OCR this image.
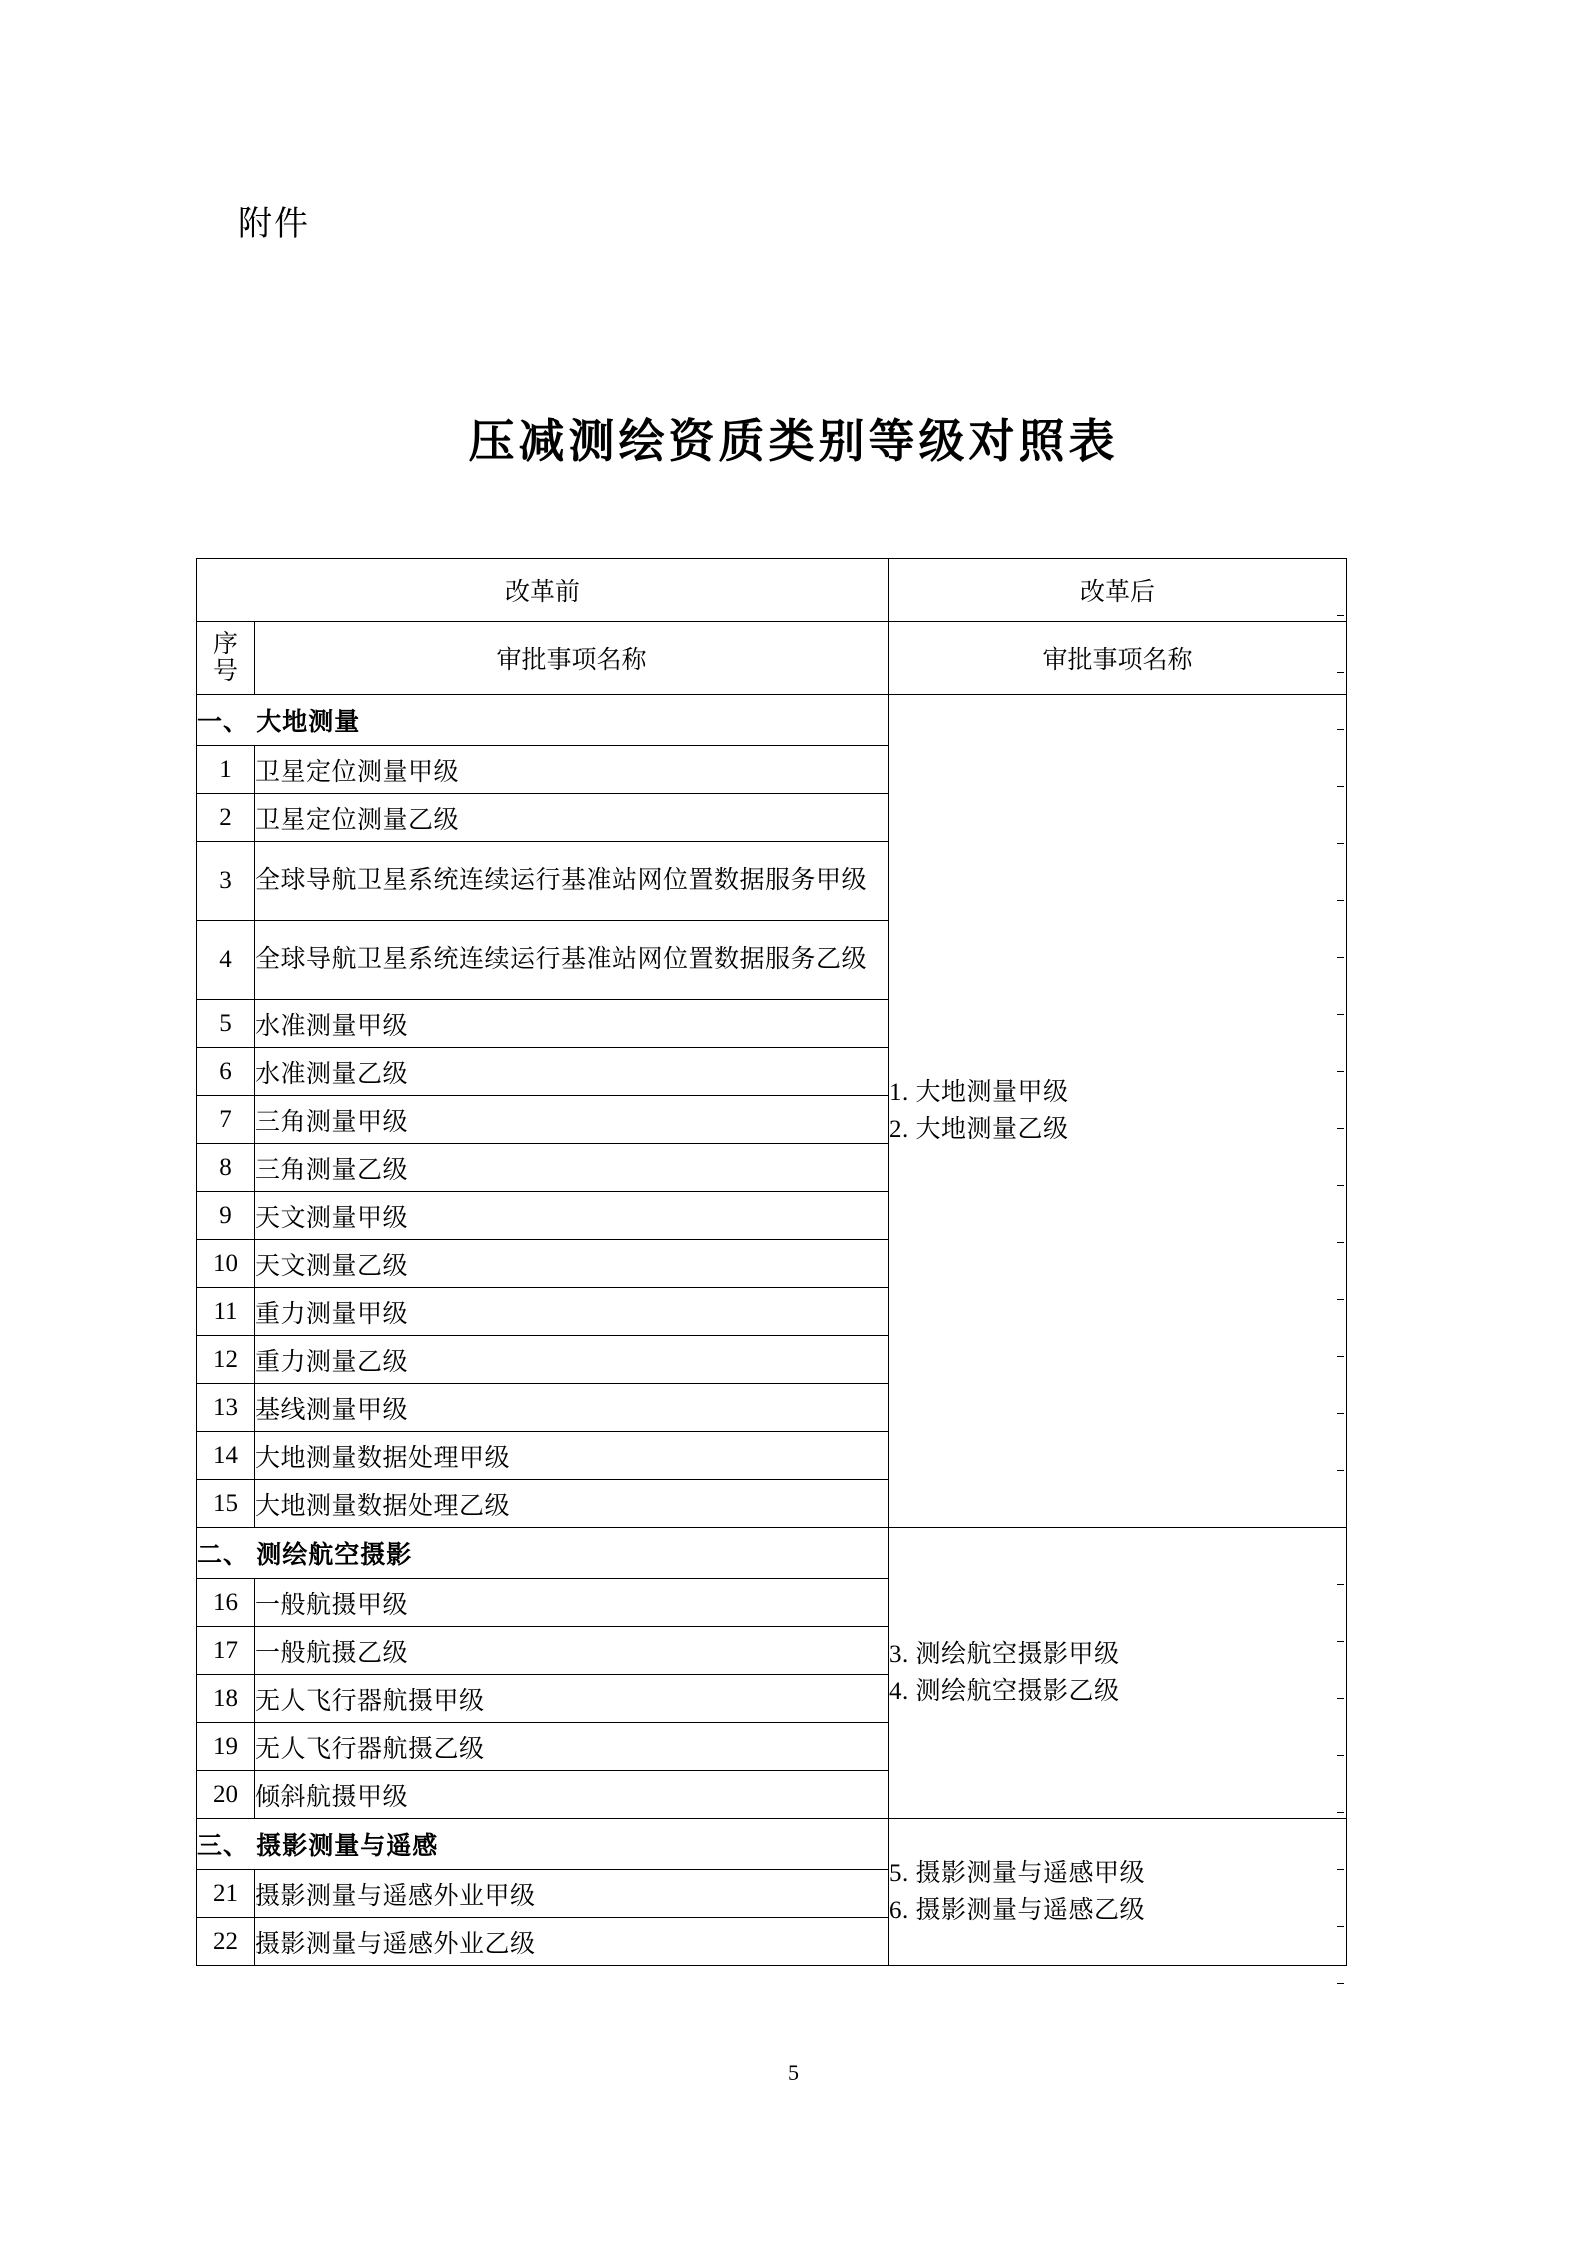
附件
压减测绘资质类别等级对照表
改革前		改革后

序
号	审批事项名称	审批事项名称
一、 大地测量		1. 大地测量甲级
2. 大地测量乙级

1	卫星定位测量甲级	
2	卫星定位测量乙级	
3	全球导航卫星系统连续运行基准站网位置数据服务甲级	
4	全球导航卫星系统连续运行基准站网位置数据服务乙级	
5	水准测量甲级	
6	水准测量乙级	
7	三角测量甲级	
8	三角测量乙级	
9	天文测量甲级	
10	天文测量乙级	
11	重力测量甲级	
12	重力测量乙级	
13	基线测量甲级	
14	大地测量数据处理甲级	
15	大地测量数据处理乙级	
二、 测绘航空摄影		3. 测绘航空摄影甲级
4. 测绘航空摄影乙级

16	一般航摄甲级	
17	一般航摄乙级	
18	无人飞行器航摄甲级	
19	无人飞行器航摄乙级	
20	倾斜航摄甲级	
三、 摄影测量与遥感		5. 摄影测量与遥感甲级
6. 摄影测量与遥感乙级

21	摄影测量与遥感外业甲级	
22	摄影测量与遥感外业乙级	
5
